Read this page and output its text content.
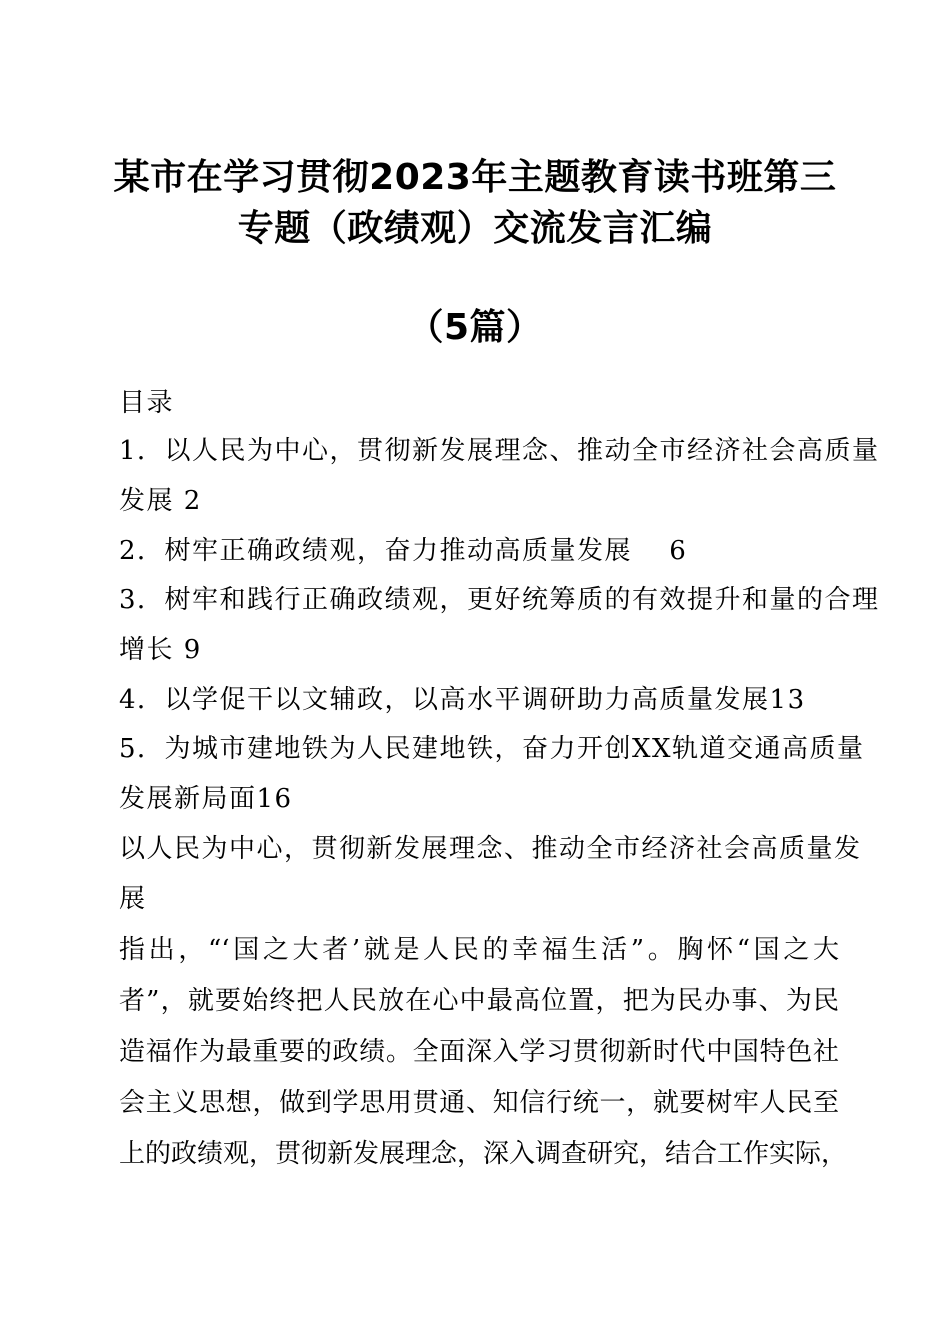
某市在学习贯彻2023年主题教育读书班第三
专题（政绩观）交流发言汇编
（5篇）
目录
1．以人民为中心，贯彻新发展理念、推动全市经济社会高质量
发展 2
2．树牢正确政绩观，奋力推动高质量发展　 6
3．树牢和践行正确政绩观，更好统筹质的有效提升和量的合理
增长 9
4．以学促干以文辅政，以高水平调研助力高质量发展13
5．为城市建地铁为人民建地铁，奋力开创XX轨道交通高质量
发展新局面16
以人民为中心，贯彻新发展理念、推动全市经济社会高质量发
展
指出，“‘国之大者’就是人民的幸福生活”。胸怀“国之大
者”，就要始终把人民放在心中最高位置，把为民办事、为民
造福作为最重要的政绩。全面深入学习贯彻新时代中国特色社
会主义思想，做到学思用贯通、知信行统一，就要树牢人民至
上的政绩观，贯彻新发展理念，深入调查研究，结合工作实际，
